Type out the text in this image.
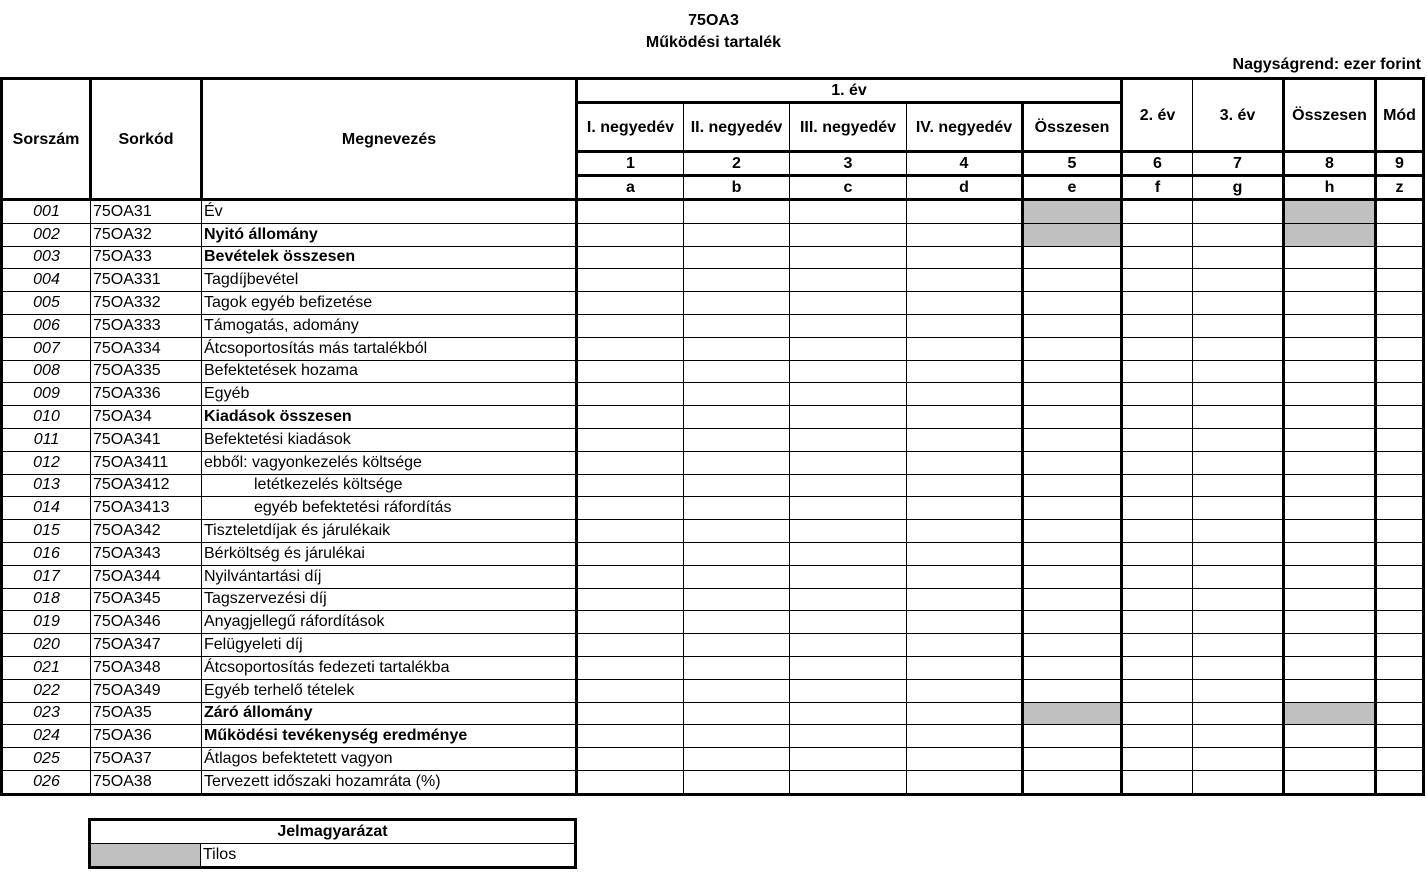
75OA3
Működési tartalék
Nagyságrend: ezer forint
Sorszám	Sorkód	Megnevezés	1. év					2. év	3. év	Összesen	Mód
			I. negyedév	II. negyedév	III. negyedév	IV. negyedév	Összesen				
			1	2	3	4	5	6	7	8	9
			a	b	c	d	e	f	g	h	z
001	75OA31	Év									
002	75OA32	Nyitó állomány									
003	75OA33	Bevételek összesen									
004	75OA331	Tagdíjbevétel									
005	75OA332	Tagok egyéb befizetése									
006	75OA333	Támogatás, adomány									
007	75OA334	Átcsoportosítás más tartalékból									
008	75OA335	Befektetések hozama									
009	75OA336	Egyéb									
010	75OA34	Kiadások összesen									
011	75OA341	Befektetési kiadások									
012	75OA3411	ebből: vagyonkezelés költsége									
013	75OA3412	letétkezelés költsége									
014	75OA3413	egyéb befektetési ráfordítás									
015	75OA342	Tiszteletdíjak és járulékaik									
016	75OA343	Bérköltség és járulékai									
017	75OA344	Nyilvántartási díj									
018	75OA345	Tagszervezési díj									
019	75OA346	Anyagjellegű ráfordítások									
020	75OA347	Felügyeleti díj									
021	75OA348	Átcsoportosítás fedezeti tartalékba									
022	75OA349	Egyéb terhelő tételek									
023	75OA35	Záró állomány									
024	75OA36	Működési tevékenység eredménye									
025	75OA37	Átlagos befektetett vagyon									
026	75OA38	Tervezett időszaki hozamráta (%)									
Jelmagyarázat
	Tilos
